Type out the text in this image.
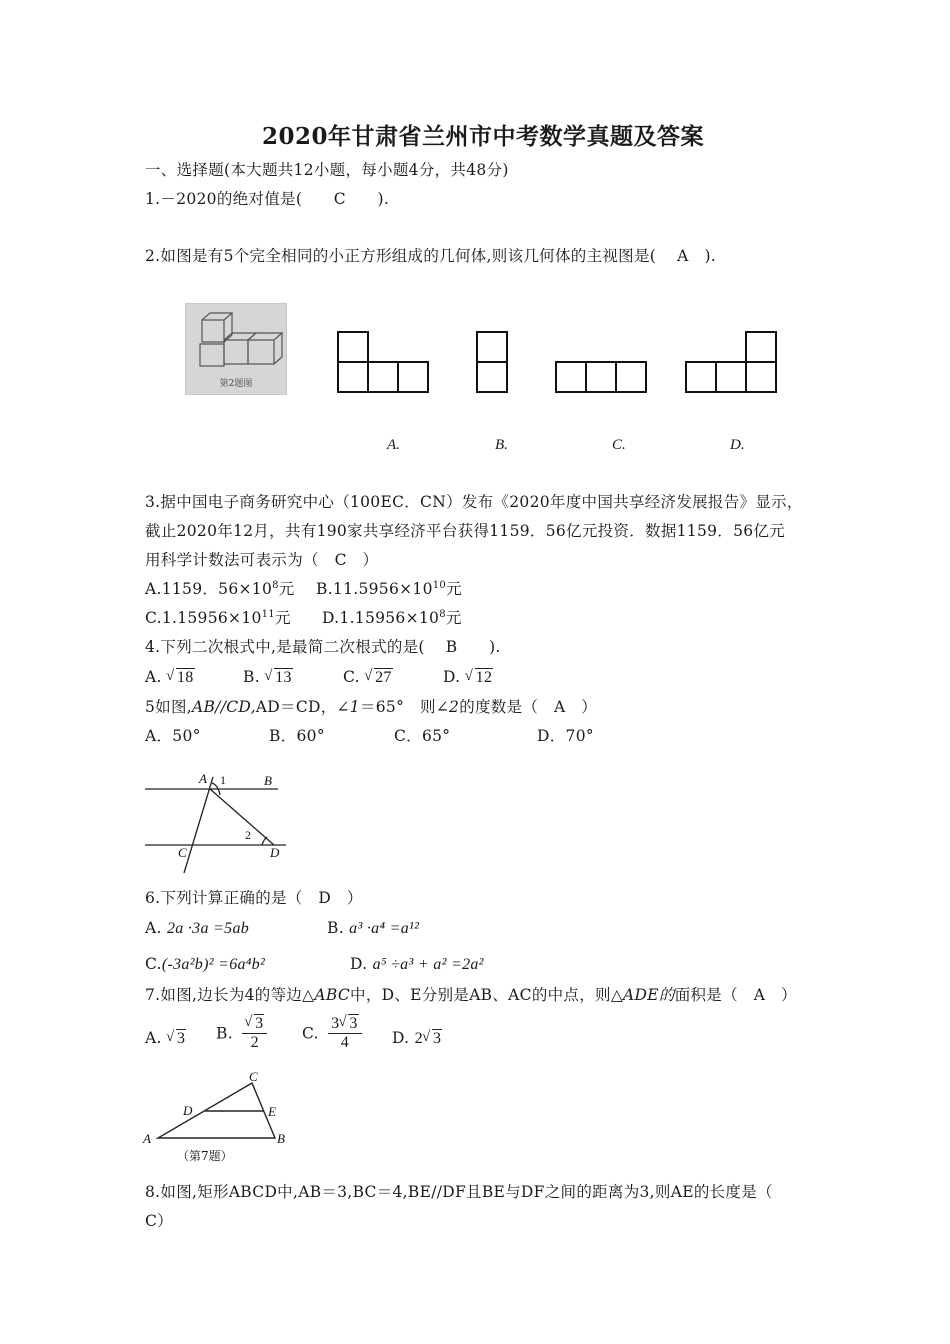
2020年甘肃省兰州市中考数学真题及答案
一、选择题(本大题共12小题，每小题4分，共48分)
1.－2020的绝对值是(　　C　　).
2.如图是有5个完全相同的小正方形组成的几何体,则该几何体的主视图是(　 A　).
第2题图
A.	B.	C.	D.
3.据中国电子商务研究中心（100EC．CN）发布《2020年度中国共享经济发展报告》显示，
截止2020年12月，共有190家共享经济平台获得1159．56亿元投资．数据1159．56亿元
用科学计数法可表示为（　C　）
A.1159．$56\times 10^8$元 $B.11.5956\times 10^{10}$元
$C.1.15956\times 10^{11}$元 $D.1.15956\times 10^8$元
4.下列二次根式中,是最简二次根式的是(　 B　　).
A. √ 18	B. √ 13	C. √ 27	D. √ 12
5如图,AB//CD,AD＝CD，∠1＝65°　则∠2的度数是（　A　）
A．50°	B．60°	C．65°	D．70°
A	B
C	D
1
2
6.下列计算正确的是（　D　）
A. 2a ·3a =5ab	B. a³ ·a⁴ =a¹²
C.(-3a²b)² =6a⁴b²	D. a⁵ ÷a³ + a² =2a²
7.如图,边长为4的等边△ABC中，D、E分别是AB、AC的中点，则△ADE的面积是（　A　）
A. √ 3 B. √ $\frac{3}{2} C$. $\frac{3 √ 3}{4} D$. 2 √ 3
A	B
C
D	E
（第7题）
8.如图,矩形ABCD中,AB＝3,BC＝4,BE//DF且BE与DF之间的距离为3,则AE的长度是（
C）
